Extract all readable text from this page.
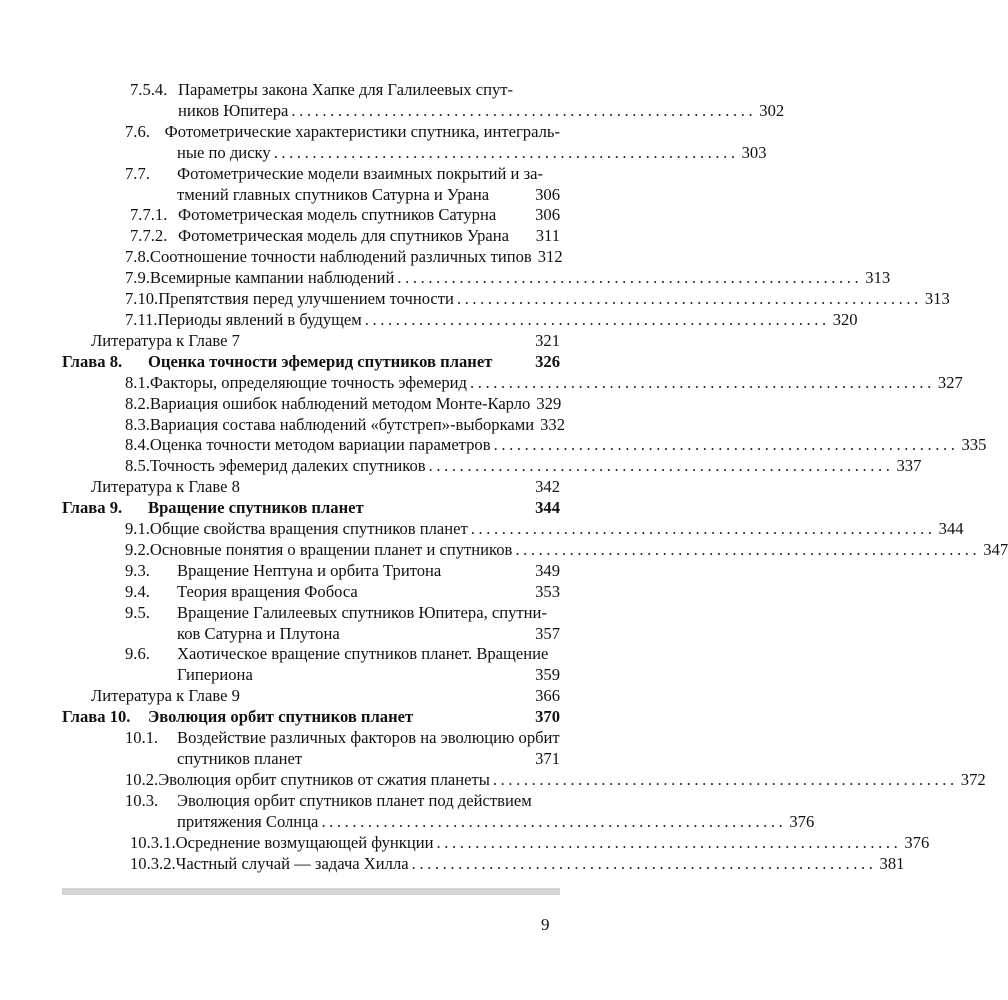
7.5.4. Параметры закона Хапке для Галилеевых спут-
ников Юпитера ............................................................ 302
7.6. Фотометрические характеристики спутника, интеграль-
ные по диску ............................................................ 303
7.7.	Фотометрические модели взаимных покрытий и за-
тмений главных спутников Сатурна и Урана	306
7.7.1. Фотометрическая модель спутников Сатурна 306
7.7.2. Фотометрическая модель для спутников Урана 311
7.8. Соотношение точности наблюдений различных типов 312
7.9. Всемирные кампании наблюдений ............................................................ 313
7.10. Препятствия перед улучшением точности ............................................................ 313
7.11. Периоды явлений в будущем ............................................................ 320
Литература к Главе 7	321
Глава 8.	Оценка точности эфемерид спутников планет	326
8.1. Факторы, определяющие точность эфемерид ............................................................ 327
8.2. Вариация ошибок наблюдений методом Монте-Карло 329
8.3. Вариация состава наблюдений «бутстреп»-выборками 332
8.4. Оценка точности методом вариации параметров ............................................................ 335
8.5. Точность эфемерид далеких спутников ............................................................ 337
Литература к Главе 8	342
Глава 9.	Вращение спутников планет	344
9.1. Общие свойства вращения спутников планет ............................................................ 344
9.2. Основные понятия о вращении планет и спутников ............................................................ 347
9.3.	Вращение Нептуна и орбита Тритона	349
9.4.	Теория вращения Фобоса	353
9.5.	Вращение Галилеевых спутников Юпитера, спутни-
ков Сатурна и Плутона	357
9.6.	Хаотическое вращение спутников планет. Вращение
Гипериона	359
Литература к Главе 9	366
Глава 10.	Эволюция орбит спутников планет	370
10.1.	Воздействие различных факторов на эволюцию орбит
спутников планет	371
10.2. Эволюция орбит спутников от сжатия планеты ............................................................ 372
10.3.	Эволюция орбит спутников планет под действием
притяжения Солнца ............................................................ 376
10.3.1. Осреднение возмущающей функции ............................................................ 376
10.3.2. Частный случай — задача Хилла ............................................................ 381
9
